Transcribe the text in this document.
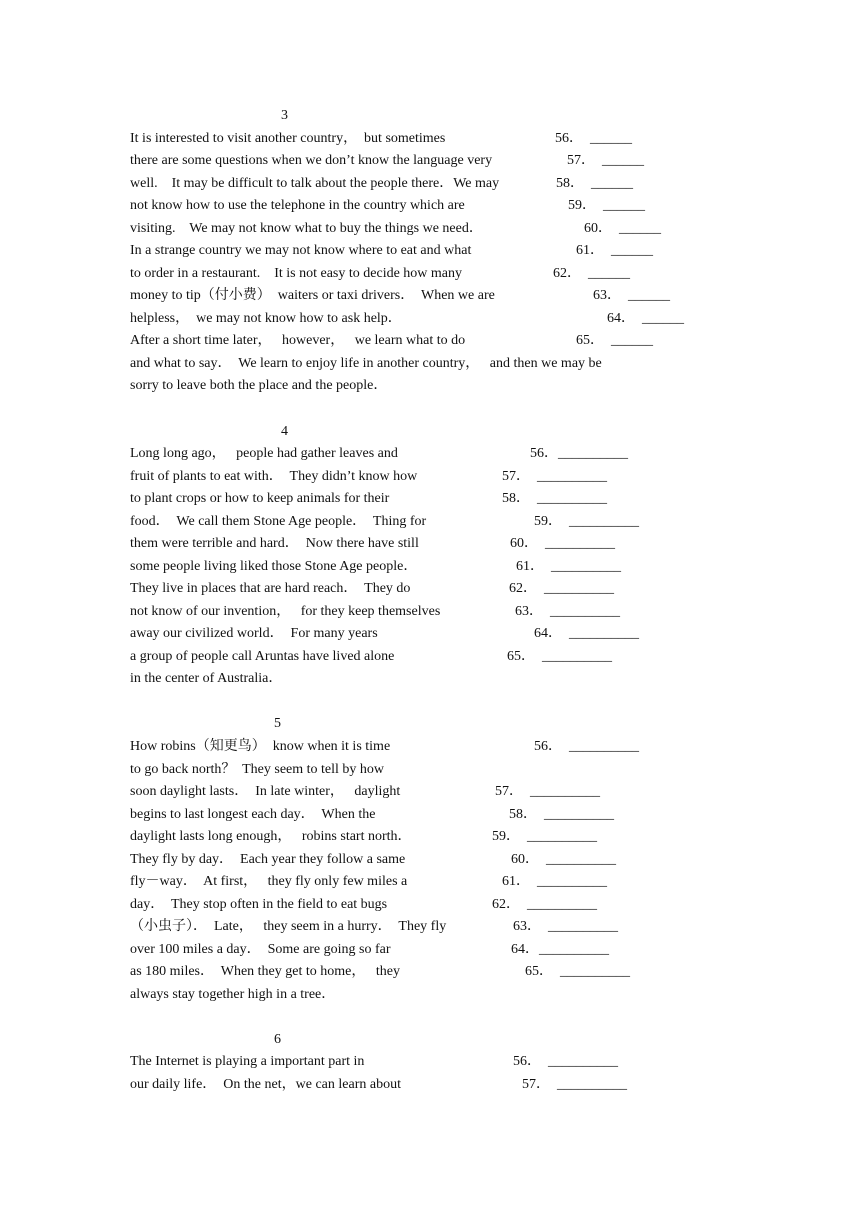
3
It is interested to visit another country，  but sometimes
there are some questions when we don’t know the language very
well.    It may be difficult to talk about the people there．We may
not know how to use the telephone in the country which are
visiting.    We may not know what to buy the things we need．
In a strange country we may not know where to eat and what
to order in a restaurant.    It is not easy to decide how many
money to tip（付小费）  waiters or taxi drivers．  When we are
helpless，  we may not know how to ask help．
After a short time later，   however，   we learn what to do
and what to say．  We learn to enjoy life in another country，   and then we may be
sorry to leave both the place and the people．
56．  ______
57．  ______
58．  ______
59．  ______
60．  ______
61．  ______
62．  ______
63．  ______
64．  ______
65．  ______
4
Long long ago，   people had gather leaves and
fruit of plants to eat with．  They didn’t know how
to plant crops or how to keep animals for their
food．  We call them Stone Age people．  Thing for
them were terrible and hard．  Now there have still
some people living liked those Stone Age people．
They live in places that are hard reach．  They do
not know of our invention，   for they keep themselves
away our civilized world．  For many years
a group of people call Aruntas have lived alone
in the center of Australia．
56．__________
57．  __________
58．  __________
59．  __________
60．  __________
61．  __________
62．  __________
63．  __________
64．  __________
65．  __________
5
How robins（知更鸟）  know when it is time
to go back north？  They seem to tell by how
soon daylight lasts．  In late winter，   daylight
begins to last longest each day．  When the
daylight lasts long enough，   robins start north．
They fly by day．  Each year they follow a same
fly－way．  At first，   they fly only few miles a
day．  They stop often in the field to eat bugs
（小虫子）．  Late，   they seem in a hurry．  They fly
over 100 miles a day．  Some are going so far
as 180 miles．  When they get to home，   they
always stay together high in a tree．
56．  __________
57．  __________
58．  __________
59．  __________
60．  __________
61．  __________
62．  __________
63．  __________
64．__________
65．  __________
6
The Internet is playing a important part in
our daily life．  On the net，we can learn about
56．  __________
57．  __________
